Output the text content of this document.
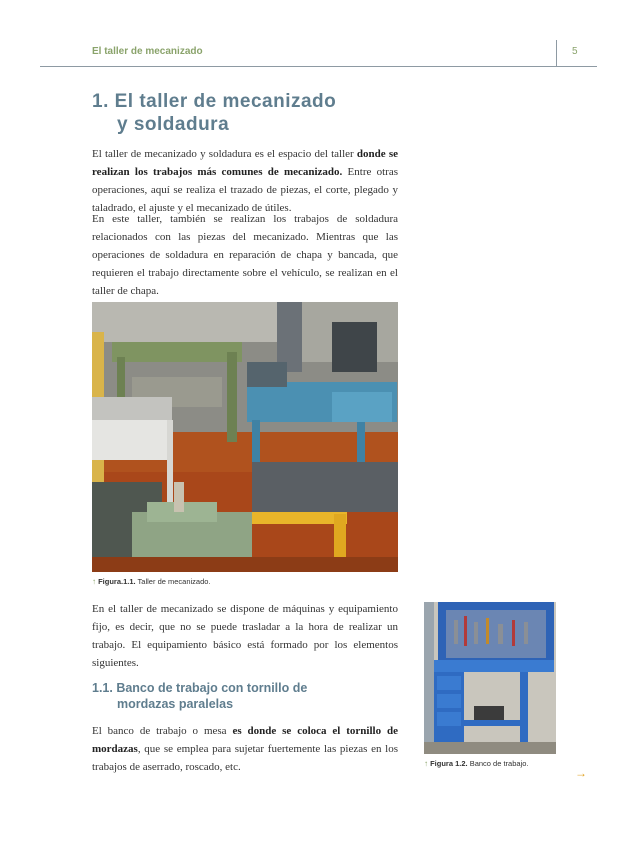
El taller de mecanizado	5
1. El taller de mecanizado
y soldadura

El taller de mecanizado y soldadura es el espacio del taller donde se realizan los trabajos más comunes de mecanizado. Entre otras operaciones, aquí se realiza el trazado de piezas, el corte, plegado y taladrado, el ajuste y el mecanizado de útiles.

En este taller, también se realizan los trabajos de soldadura relacionados con las piezas del mecanizado. Mientras que las operaciones de soldadura en reparación de chapa y bancada, que requieren el trabajo directamente sobre el vehículo, se realizan en el taller de chapa.

↑ Figura.1.1. Taller de mecanizado.

En el taller de mecanizado se dispone de máquinas y equipamiento fijo, es decir, que no se puede trasladar a la hora de realizar un trabajo. El equipamiento básico está formado por los elementos siguientes.

1.1. Banco de trabajo con tornillo de
mordazas paralelas

El banco de trabajo o mesa es donde se coloca el tornillo de mordazas, que se emplea para sujetar fuertemente las piezas en los trabajos de aserrado, roscado, etc.	↑ Figura 1.2. Banco de trabajo.
→
